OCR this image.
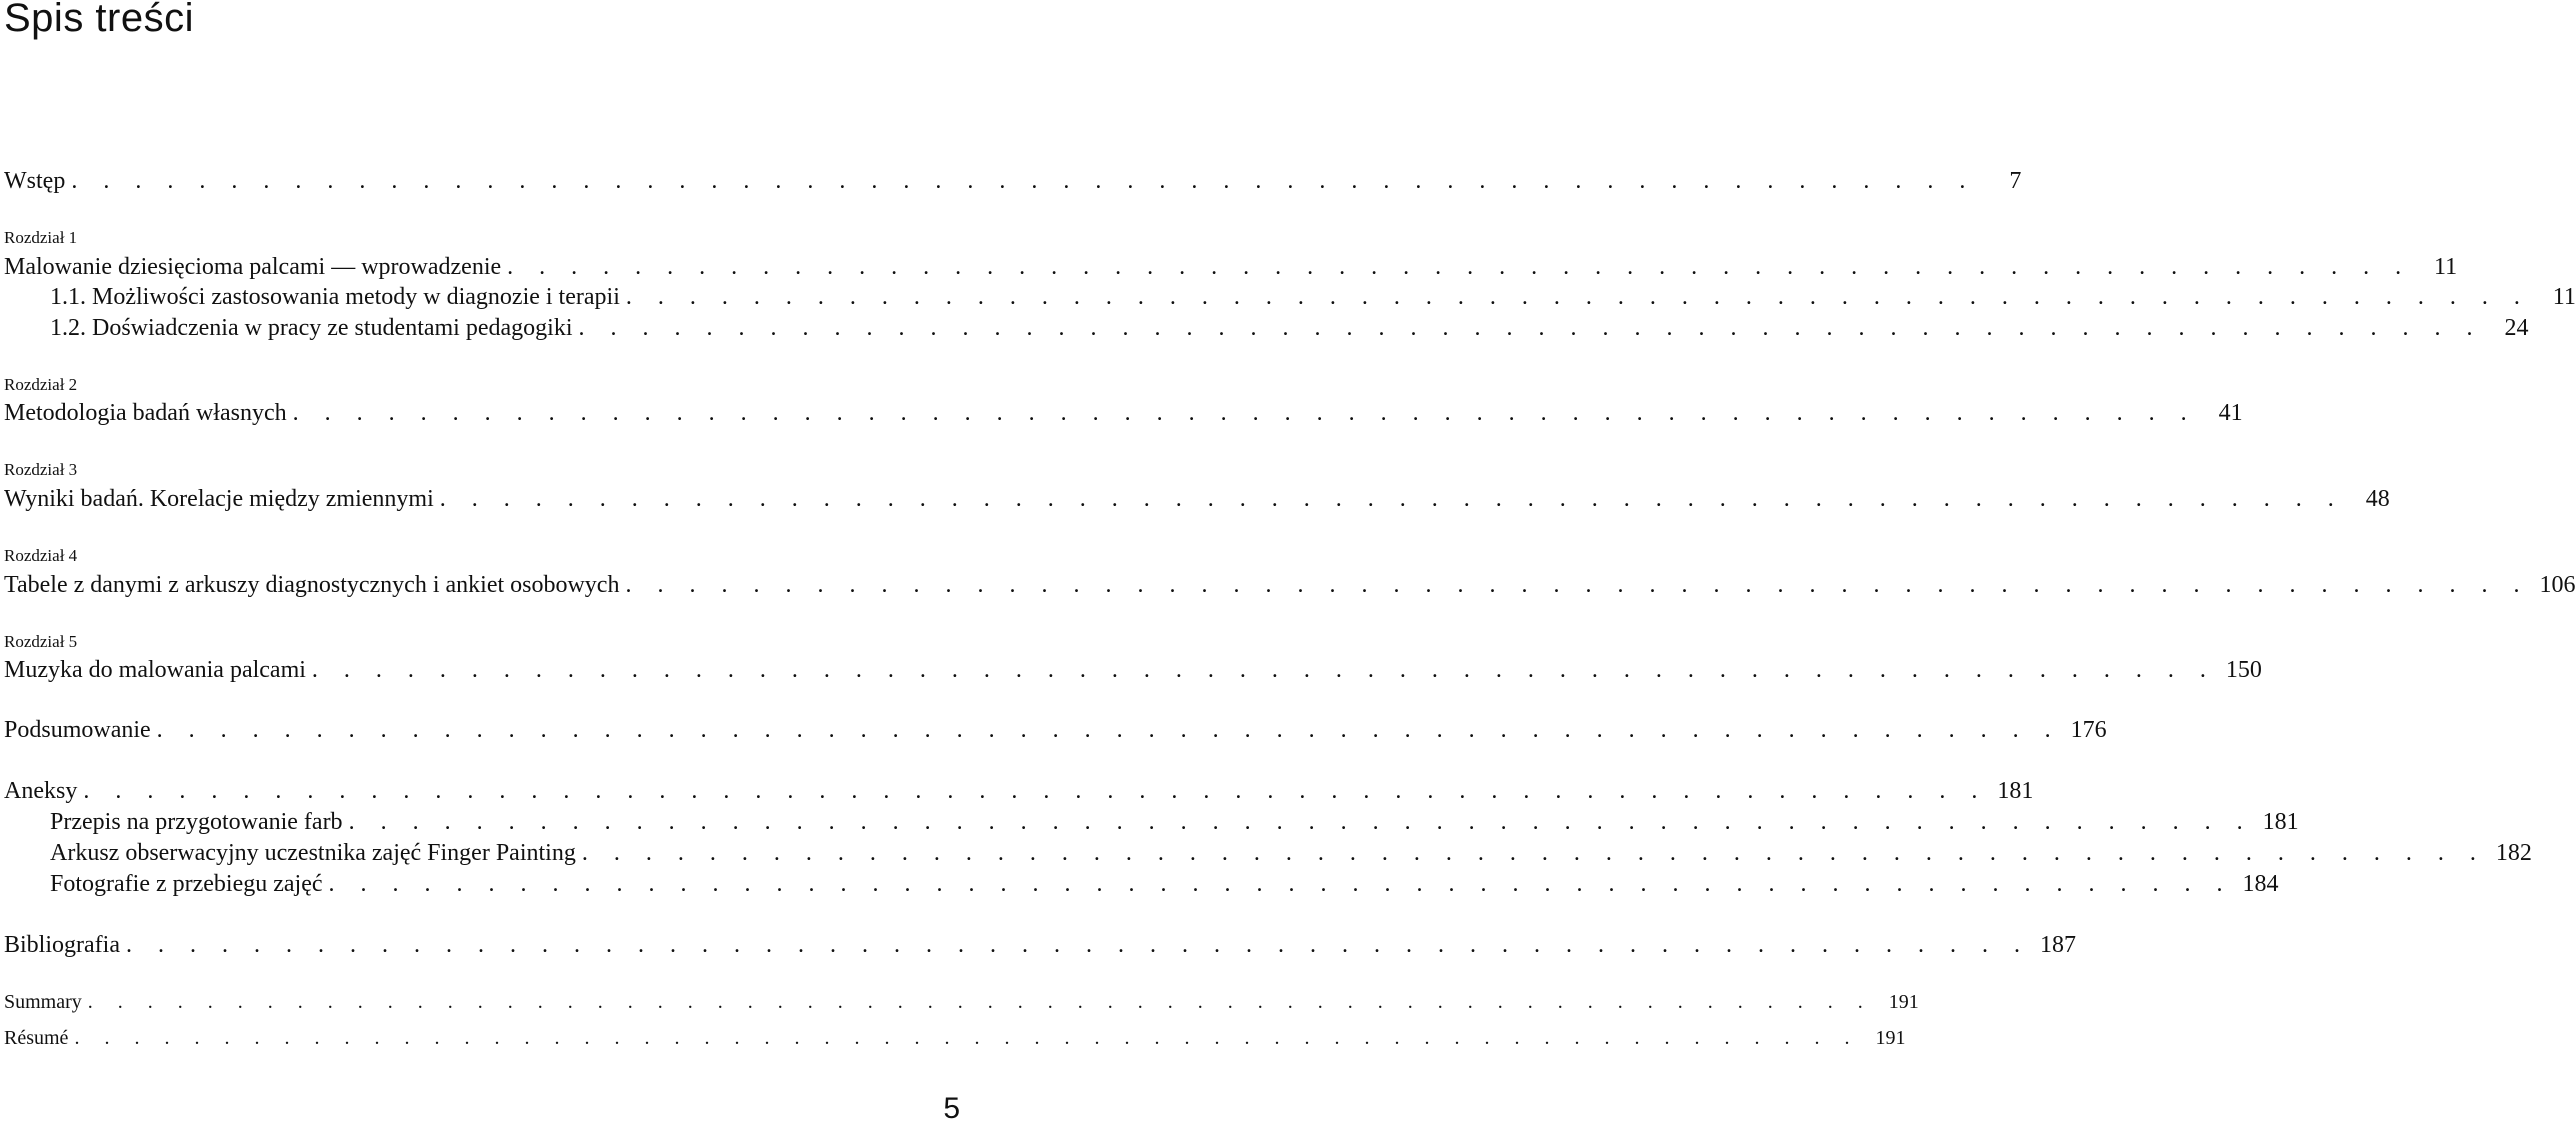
Spis treści
Wstęp . . . . . . . . . . . . . . . . . . . . . . . . . . . . . . . . . . . . . . . . . . . . . . . . . . . . . . . . . . . .	7
Rozdział 1
Malowanie dziesięcioma palcami — wprowadzenie . . . . . . . . . . . . . . . . . . . . . . . . . . . . . . . . . . . . . . . . . . . . . . . . . . . . . . . . . . . . 11
1.1. Możliwości zastosowania metody w diagnozie i terapii . . . . . . . . . . . . . . . . . . . . . . . . . . . . . . . . . . . . . . . . . . . . . . . . . . . . . . . . . . . . 11
1.2. Doświadczenia w pracy ze studentami pedagogiki . . . . . . . . . . . . . . . . . . . . . . . . . . . . . . . . . . . . . . . . . . . . . . . . . . . . . . . . . . . . 24
Rozdział 2
Metodologia badań własnych . . . . . . . . . . . . . . . . . . . . . . . . . . . . . . . . . . . . . . . . . . . . . . . . . . . . . . . . . . . . 41
Rozdział 3
Wyniki badań. Korelacje między zmiennymi . . . . . . . . . . . . . . . . . . . . . . . . . . . . . . . . . . . . . . . . . . . . . . . . . . . . . . . . . . . . 48
Rozdział 4
Tabele z danymi z arkuszy diagnostycznych i ankiet osobowych . . . . . . . . . . . . . . . . . . . . . . . . . . . . . . . . . . . . . . . . . . . . . . . . . . . . . . . . . . . . 106
Rozdział 5
Muzyka do malowania palcami . . . . . . . . . . . . . . . . . . . . . . . . . . . . . . . . . . . . . . . . . . . . . . . . . . . . . . . . . . . . 150
Podsumowanie . . . . . . . . . . . . . . . . . . . . . . . . . . . . . . . . . . . . . . . . . . . . . . . . . . . . . . . . . . . . 176
Aneksy . . . . . . . . . . . . . . . . . . . . . . . . . . . . . . . . . . . . . . . . . . . . . . . . . . . . . . . . . . . . 181
Przepis na przygotowanie farb . . . . . . . . . . . . . . . . . . . . . . . . . . . . . . . . . . . . . . . . . . . . . . . . . . . . . . . . . . . . 181
Arkusz obserwacyjny uczestnika zajęć Finger Painting . . . . . . . . . . . . . . . . . . . . . . . . . . . . . . . . . . . . . . . . . . . . . . . . . . . . . . . . . . . . 182
Fotografie z przebiegu zajęć . . . . . . . . . . . . . . . . . . . . . . . . . . . . . . . . . . . . . . . . . . . . . . . . . . . . . . . . . . . . 184
Bibliografia . . . . . . . . . . . . . . . . . . . . . . . . . . . . . . . . . . . . . . . . . . . . . . . . . . . . . . . . . . . . 187
Summary . . . . . . . . . . . . . . . . . . . . . . . . . . . . . . . . . . . . . . . . . . . . . . . . . . . . . . . . . . . . 191
Résumé . . . . . . . . . . . . . . . . . . . . . . . . . . . . . . . . . . . . . . . . . . . . . . . . . . . . . . . . . . . . 191
5
